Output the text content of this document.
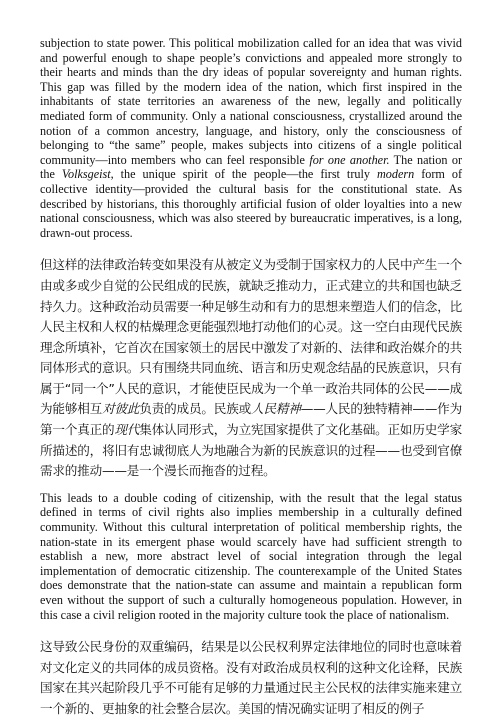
subjection to state power. This political mobilization called for an idea that was vivid and powerful enough to shape people’s convictions and appealed more strongly to their hearts and minds than the dry ideas of popular sovereignty and human rights. This gap was filled by the modern idea of the nation, which first inspired in the inhabitants of state territories an awareness of the new, legally and politically mediated form of community. Only a national consciousness, crystallized around the notion of a common ancestry, language, and history, only the consciousness of belonging to “the same” people, makes subjects into citizens of a single political community—into members who can feel responsible for one another. The nation or the Volksgeist, the unique spirit of the people—the first truly modern form of collective identity—provided the cultural basis for the constitutional state. As described by historians, this thoroughly artificial fusion of older loyalties into a new national consciousness, which was also steered by bureaucratic imperatives, is a long, drawn-out process.

但这样的法律政治转变如果没有从被定义为受制于国家权力的人民中产生一个由或多或少自觉的公民组成的民族，就缺乏推动力，正式建立的共和国也缺乏持久力。这种政治动员需要一种足够生动和有力的思想来塑造人们的信念，比人民主权和人权的枯燥理念更能强烈地打动他们的心灵。这一空白由现代民族理念所填补，它首次在国家领土的居民中激发了对新的、法律和政治媒介的共同体形式的意识。只有围绕共同血统、语言和历史观念结晶的民族意识，只有属于“同一个”人民的意识，才能使臣民成为一个单一政治共同体的公民——成为能够相互对彼此负责的成员。民族或人民精神——人民的独特精神——作为第一个真正的现代集体认同形式，为立宪国家提供了文化基础。正如历史学家所描述的，将旧有忠诚彻底人为地融合为新的民族意识的过程——也受到官僚需求的推动——是一个漫长而拖沓的过程。

This leads to a double coding of citizenship, with the result that the legal status defined in terms of civil rights also implies membership in a culturally defined community. Without this cultural interpretation of political membership rights, the nation-state in its emergent phase would scarcely have had sufficient strength to establish a new, more abstract level of social integration through the legal implementation of democratic citizenship. The counterexample of the United States does demonstrate that the nation-state can assume and maintain a republican form even without the support of such a culturally homogeneous population. However, in this case a civil religion rooted in the majority culture took the place of nationalism.

这导致公民身份的双重编码，结果是以公民权利界定法律地位的同时也意味着对文化定义的共同体的成员资格。没有对政治成员权利的这种文化诠释，民族国家在其兴起阶段几乎不可能有足够的力量通过民主公民权的法律实施来建立一个新的、更抽象的社会整合层次。美国的情况确实证明了相反的例子
